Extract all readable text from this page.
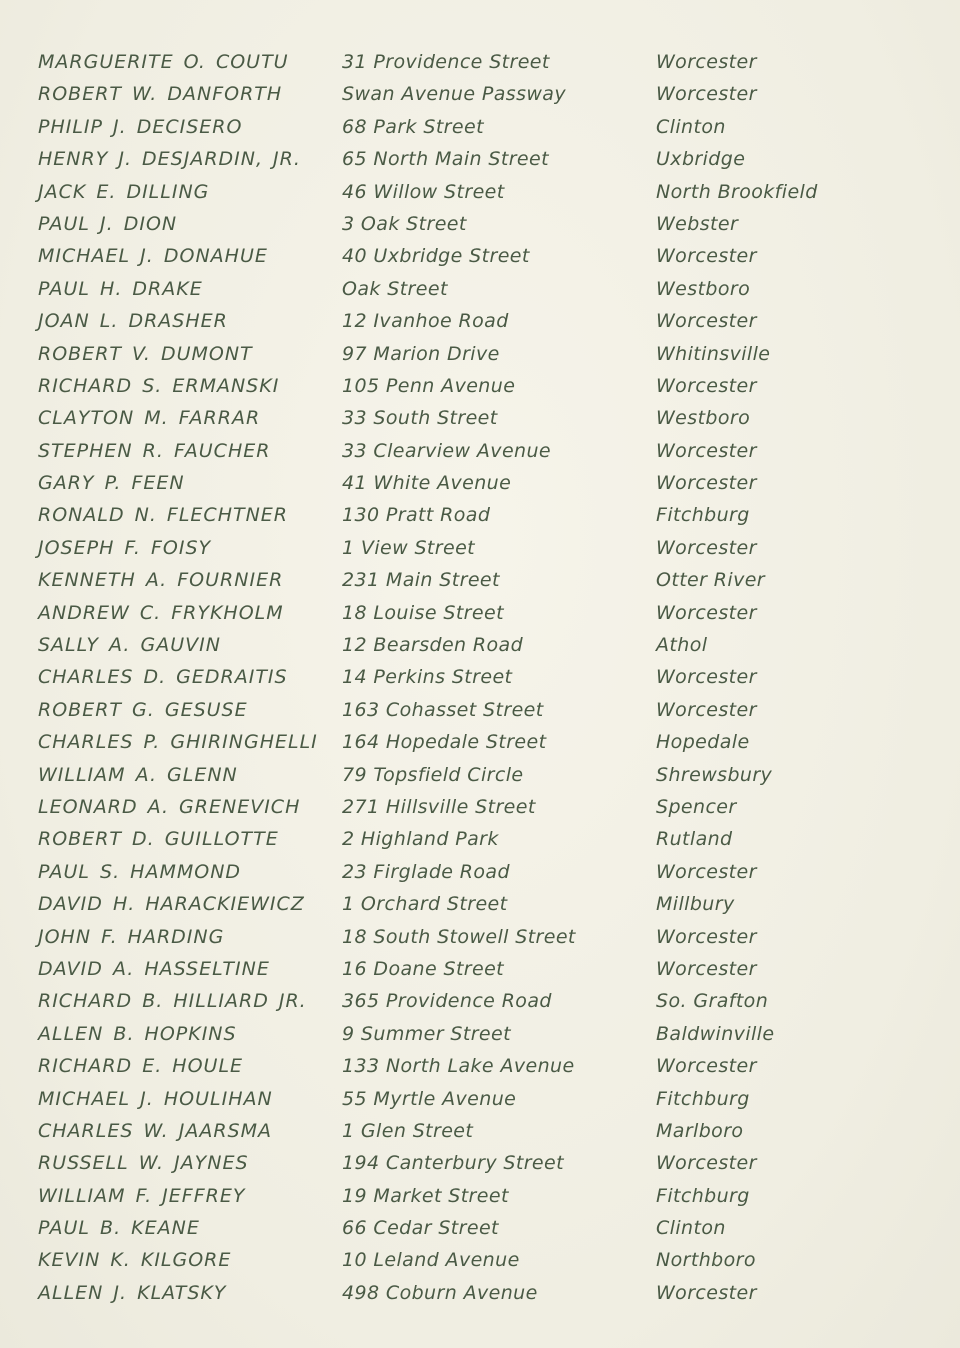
MARGUERITE O. COUTU	31 Providence Street	Worcester
ROBERT W. DANFORTH	Swan Avenue Passway	Worcester
PHILIP J. DECISERO	68 Park Street	Clinton
HENRY J. DESJARDIN, JR. 65 North Main Street	Uxbridge
JACK E. DILLING	46 Willow Street	North Brookfield
PAUL J. DION	3 Oak Street	Webster
MICHAEL J. DONAHUE	40 Uxbridge Street	Worcester
PAUL H. DRAKE	Oak Street	Westboro
JOAN L. DRASHER	12 Ivanhoe Road	Worcester
ROBERT V. DUMONT	97 Marion Drive	Whitinsville
RICHARD S. ERMANSKI	105 Penn Avenue	Worcester
CLAYTON M. FARRAR	33 South Street	Westboro
STEPHEN R. FAUCHER	33 Clearview Avenue	Worcester
GARY P. FEEN	41 White Avenue	Worcester
RONALD N. FLECHTNER	130 Pratt Road	Fitchburg
JOSEPH F. FOISY	1 View Street	Worcester
KENNETH A. FOURNIER	231 Main Street	Otter River
ANDREW C. FRYKHOLM	18 Louise Street	Worcester
SALLY A. GAUVIN	12 Bearsden Road	Athol
CHARLES D. GEDRAITIS	14 Perkins Street	Worcester
ROBERT G. GESUSE	163 Cohasset Street	Worcester
CHARLES P. GHIRINGHELLI 164 Hopedale Street	Hopedale
WILLIAM A. GLENN	79 Topsfield Circle	Shrewsbury
LEONARD A. GRENEVICH 271 Hillsville Street	Spencer
ROBERT D. GUILLOTTE	2 Highland Park	Rutland
PAUL S. HAMMOND	23 Firglade Road	Worcester
DAVID H. HARACKIEWICZ 1 Orchard Street	Millbury
JOHN F. HARDING	18 South Stowell Street	Worcester
DAVID A. HASSELTINE	16 Doane Street	Worcester
RICHARD B. HILLIARD JR. 365 Providence Road	So. Grafton
ALLEN B. HOPKINS	9 Summer Street	Baldwinville
RICHARD E. HOULE	133 North Lake Avenue	Worcester
MICHAEL J. HOULIHAN	55 Myrtle Avenue	Fitchburg
CHARLES W. JAARSMA	1 Glen Street	Marlboro
RUSSELL W. JAYNES	194 Canterbury Street	Worcester
WILLIAM F. JEFFREY	19 Market Street	Fitchburg
PAUL B. KEANE	66 Cedar Street	Clinton
KEVIN K. KILGORE	10 Leland Avenue	Northboro
ALLEN J. KLATSKY	498 Coburn Avenue	Worcester
